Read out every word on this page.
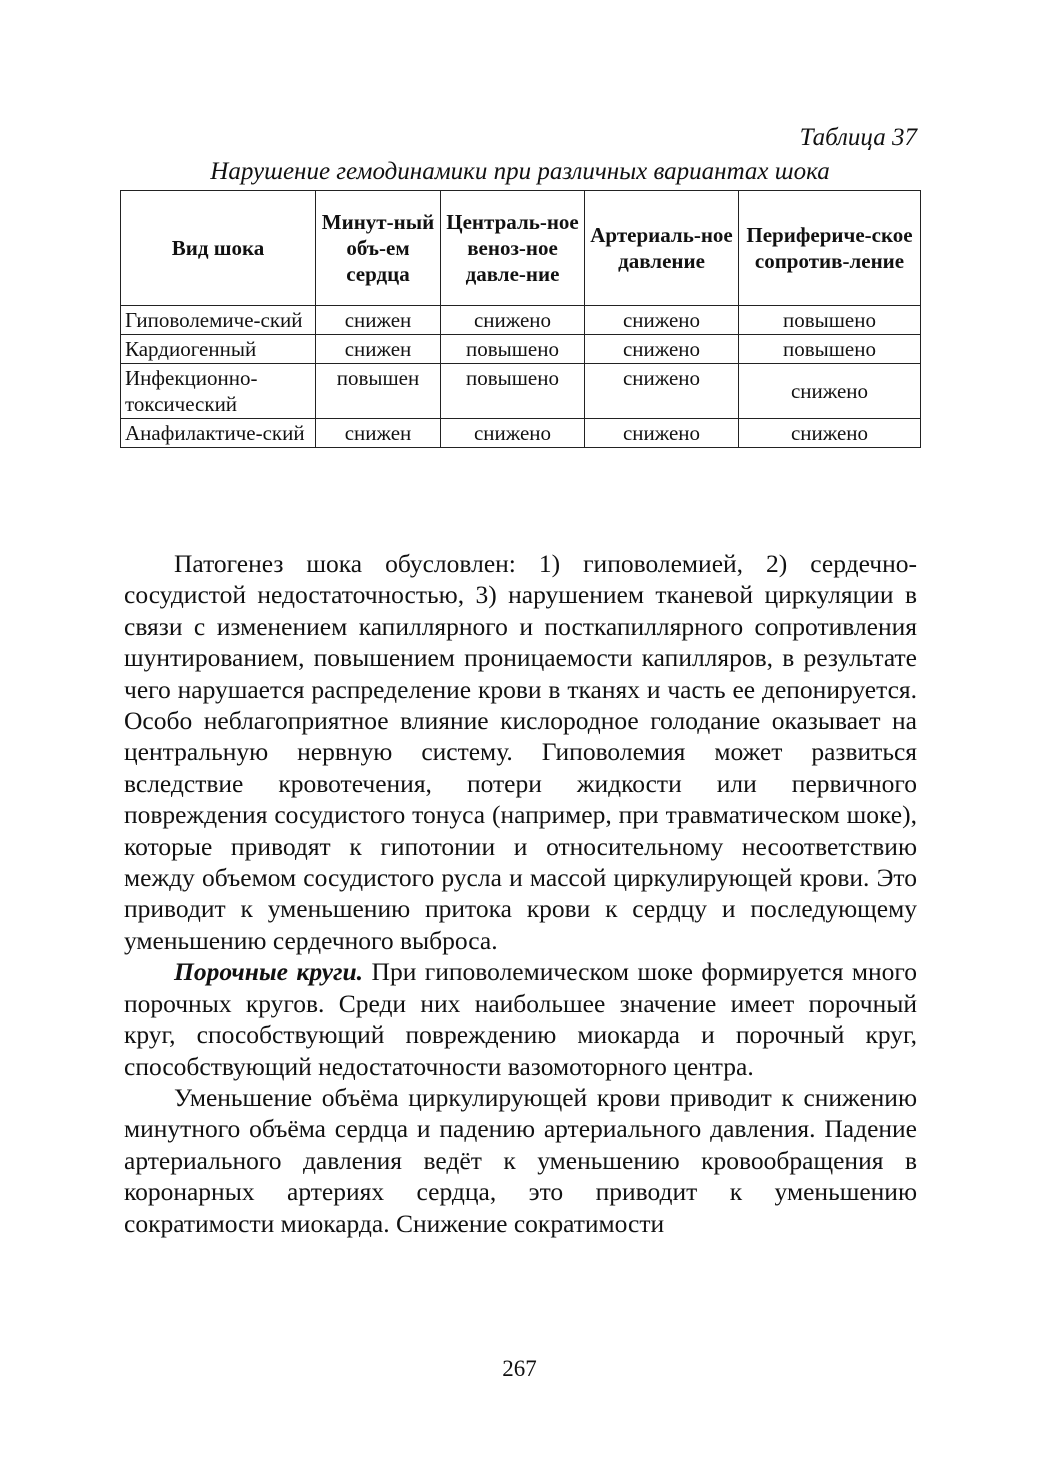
Таблица 37
Нарушение гемодинамики при различных вариантах шока
Вид шока	Минут-ный объ-ем сердца	Централь-ное веноз-ное давле-ние	Артериаль-ное давление	Перифериче-ское сопротив-ление
Гиповолемиче-ский	снижен	снижено	снижено	повышено
Кардиогенный	снижен	повышено	снижено	повышено
Инфекционно-токсический	повышен	повышено	снижено	снижено
Анафилактиче-ский	снижен	снижено	снижено	снижено

Патогенез шока обусловлен: 1) гиповолемией, 2) сердечно-сосудистой недостаточностью, 3) нарушением тканевой циркуляции в связи с изменением капиллярного и посткапиллярного сопротивления шунтированием, повышением проницаемости капилляров, в результате чего нарушается распределение крови в тканях и часть ее депонируется. Особо неблагоприятное влияние кислородное голодание оказывает на центральную нервную систему. Гиповолемия может развиться вследствие кровотечения, потери жидкости или первичного повреждения сосудистого тонуса (например, при травматическом шоке), которые приводят к гипотонии и относительному несоответствию между объемом сосудистого русла и массой циркулирующей крови. Это приводит к уменьшению притока крови к сердцу и последующему уменьшению сердечного выброса.

Порочные круги. При гиповолемическом шоке формируется много порочных кругов. Среди них наибольшее значение имеет порочный круг, способствующий повреждению миокарда и порочный круг, способствующий недостаточности вазомоторного центра.

Уменьшение объёма циркулирующей крови приводит к снижению минутного объёма сердца и падению артериального давления. Падение артериального давления ведёт к уменьшению кровообращения в коронарных артериях сердца, это приводит к уменьшению сократимости миокарда. Снижение сократимости

267
